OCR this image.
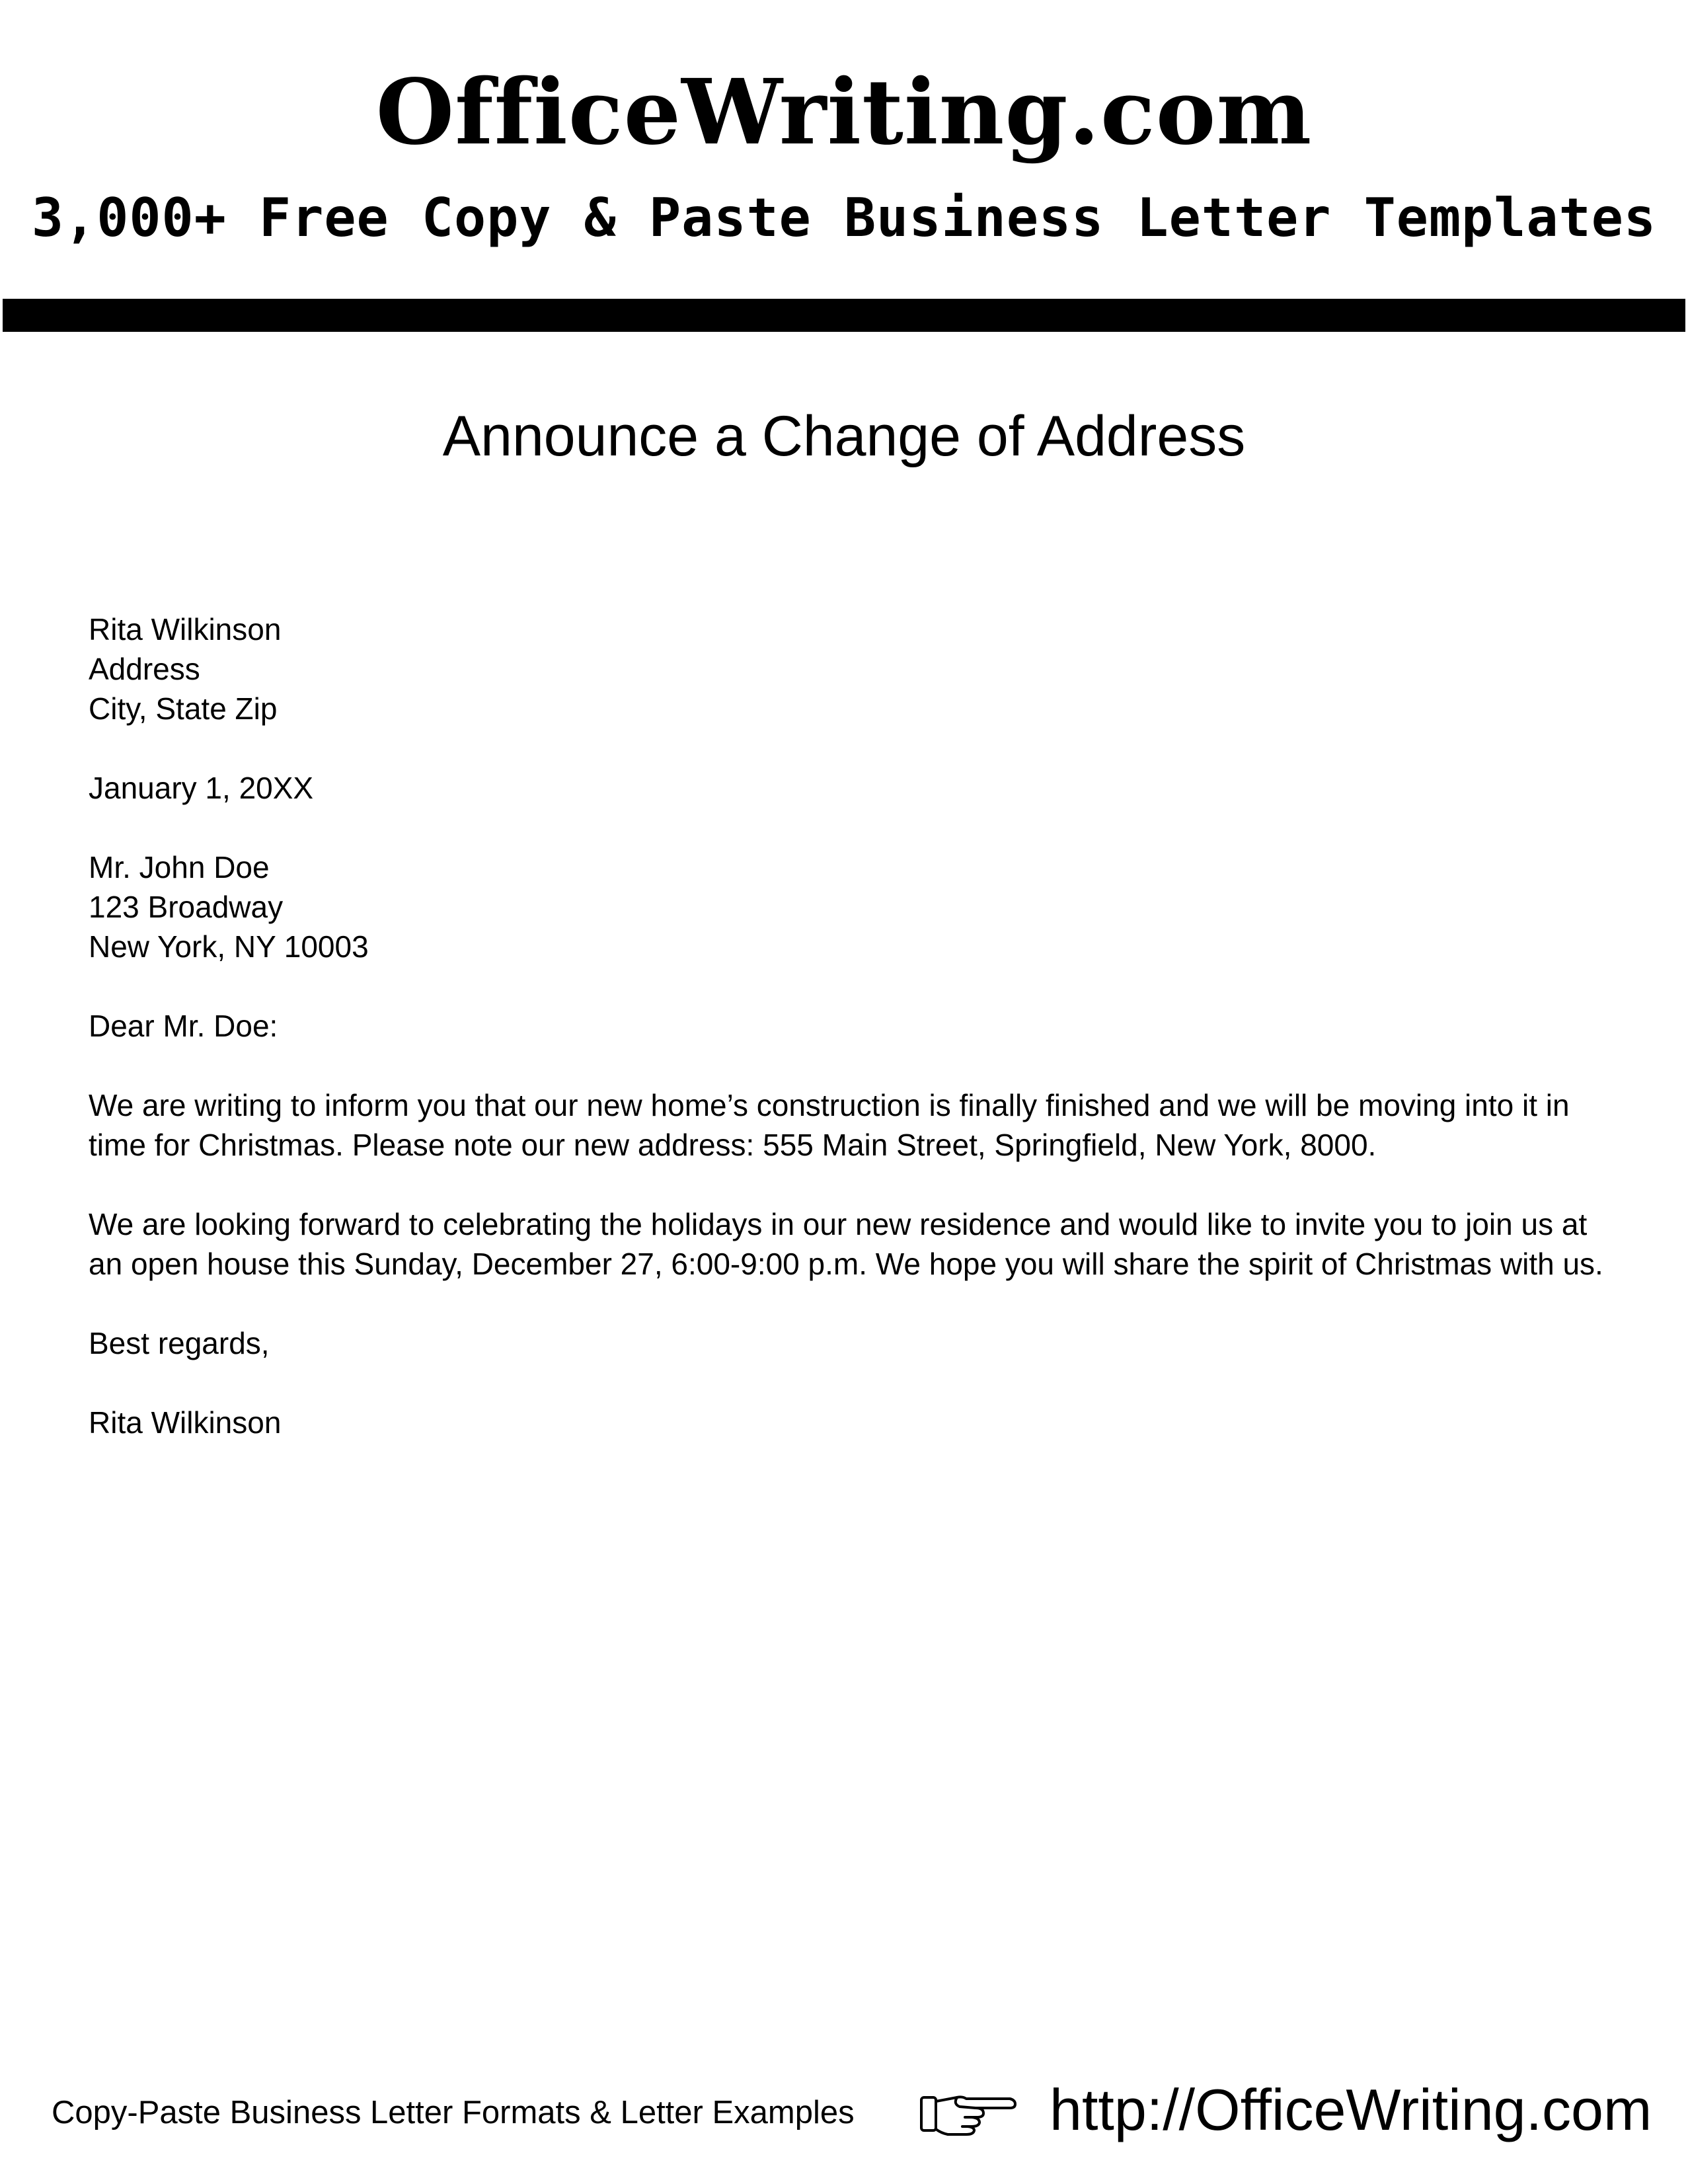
OfficeWriting.com
3,000+ Free Copy & Paste Business Letter Templates
Announce a Change of Address
Rita Wilkinson
Address
City, State Zip
January 1, 20XX
Mr. John Doe
123 Broadway
New York, NY 10003
Dear Mr. Doe:

We are writing to inform you that our new home’s construction is finally finished and we will be moving into it in time for Christmas. Please note our new address: 555 Main Street, Springfield, New York, 8000.

We are looking forward to celebrating the holidays in our new residence and would like to invite you to join us at an open house this Sunday, December 27, 6:00-9:00 p.m. We hope you will share the spirit of Christmas with us.

Best regards,
Rita Wilkinson
Copy-Paste Business Letter Formats & Letter Examples	http://OfficeWriting.com
